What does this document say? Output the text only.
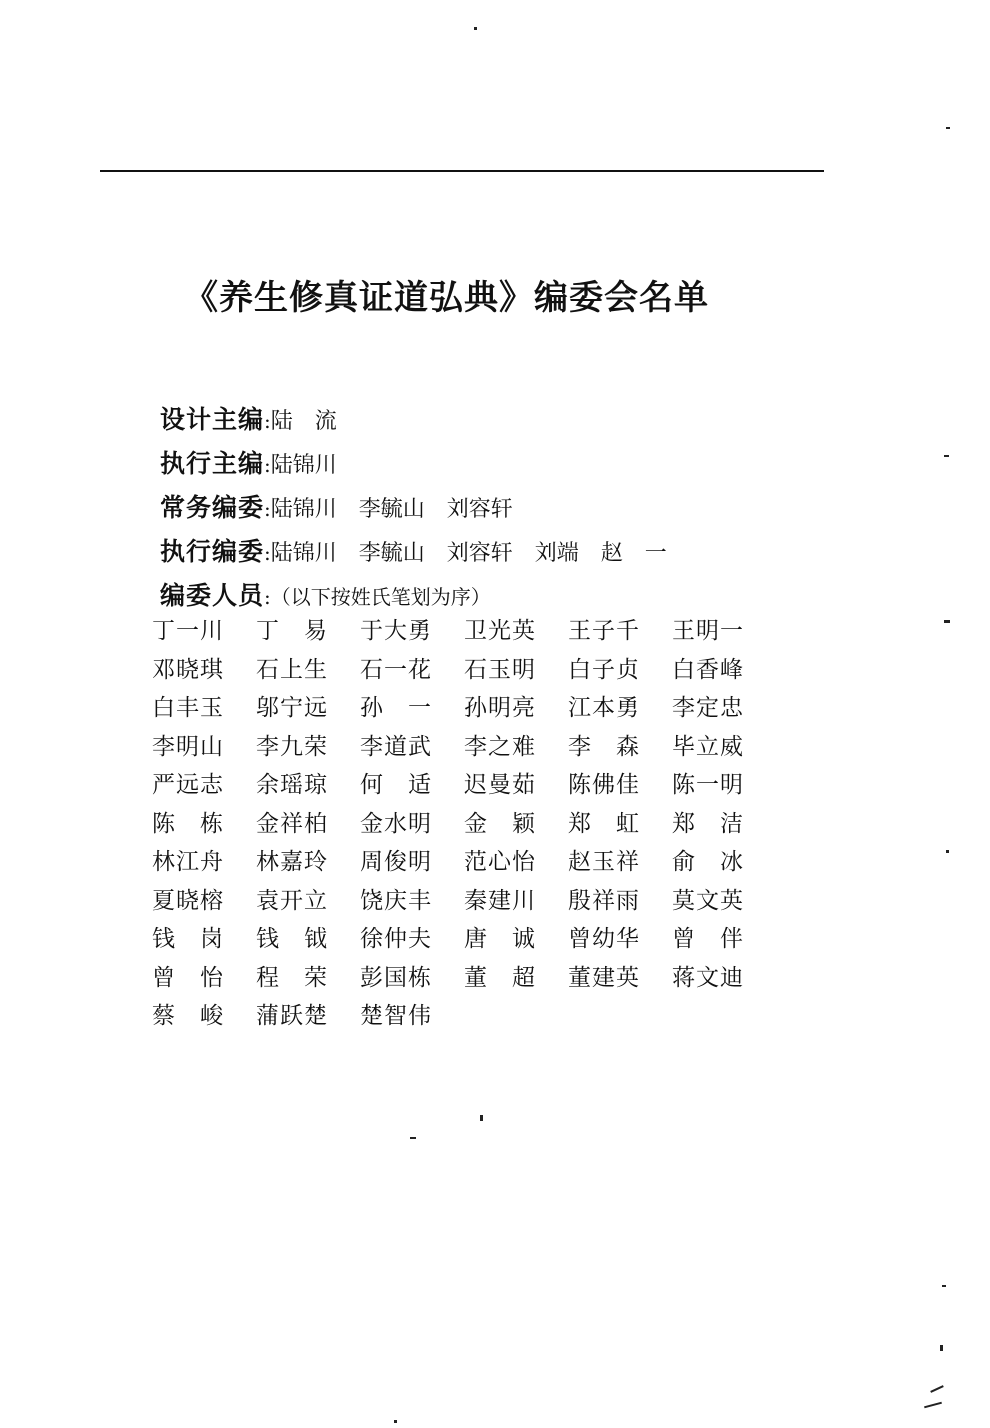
《养生修真证道弘典》编委会名单
设计主编:陆　流
执行主编:陆锦川
常务编委:陆锦川　李毓山　刘容轩
执行编委:陆锦川　李毓山　刘容轩　刘端　赵　一
编委人员:（以下按姓氏笔划为序）
丁一川 丁　易 于大勇 卫光英 王子千 王明一邓晓琪 石上生 石一花 石玉明 白子贞 白香峰白丰玉 邬宁远 孙　一 孙明亮 江本勇 李定忠李明山 李九荣 李道武 李之难 李　森 毕立威严远志 余瑶琼 何　适 迟曼茹 陈佛佳 陈一明陈　栋 金祥柏 金水明 金　颖 郑　虹 郑　洁林江舟 林嘉玲 周俊明 范心怡 赵玉祥 俞　冰夏晓榕 袁开立 饶庆丰 秦建川 殷祥雨 莫文英钱　岗 钱　钺 徐仲夫 唐　诚 曾幼华 曾　伴曾　怡 程　荣 彭国栋 董　超 董建英 蒋文迪蔡　峻 蒲跃楚 楚智伟
